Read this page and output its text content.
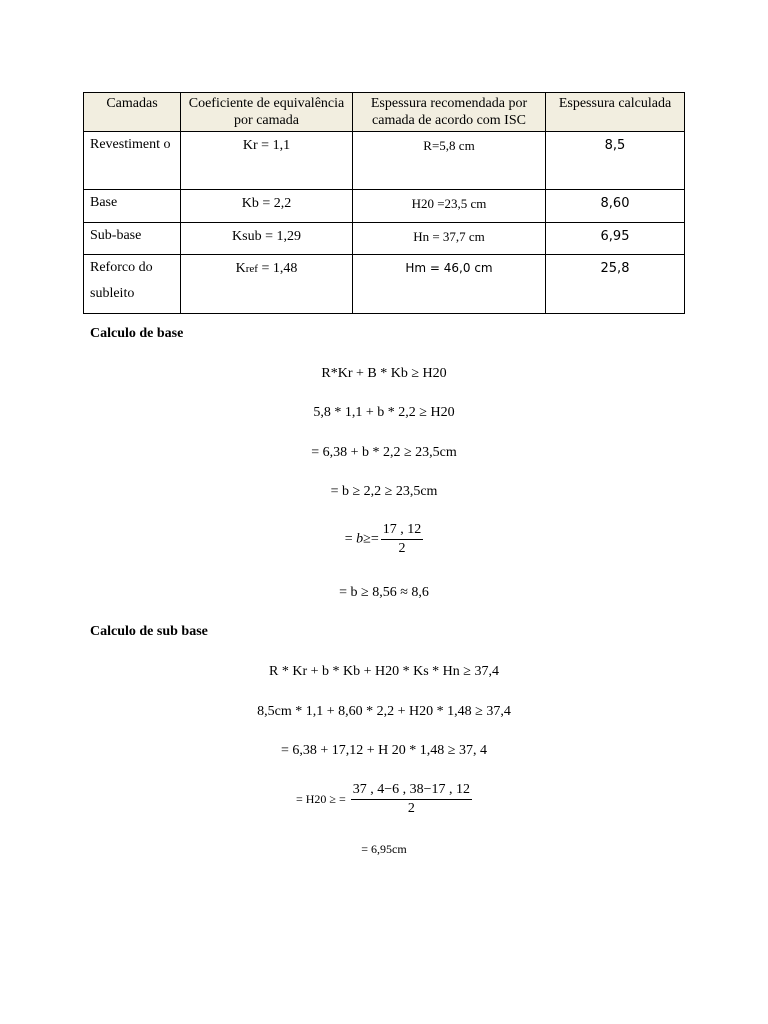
Camadas	Coeficiente de equivalência por camada	Espessura recomendada por camada de acordo com ISC	Espessura calculada
Revestiment o	Kr = 1,1	R=5,8 cm	8,5
Base	Kb = 2,2	H20 =23,5 cm	8,60
Sub-base	Ksub = 1,29	Hn = 37,7 cm	6,95
Reforco do subleito	Kref = 1,48	Hm = 46,0 cm	25,8
Calculo de base
R*Kr + B * Kb ≥ H20
5,8 * 1,1 + b * 2,2 ≥ H20
= 6,38 + b * 2,2 ≥ 23,5cm
= b ≥ 2,2 ≥ 23,5cm
= $b\ge= \frac{17 , 12}{2}$
= b ≥ 8,56 ≈ 8,6
Calculo de sub base
R * Kr + b * Kb + H20 * Ks * Hn ≥ 37,4
8,5cm * 1,1 + 8,60 * 2,2 + H20 * 1,48 ≥ 37,4
= 6,38 + 17,12 + H 20 * 1,48 ≥ 37, 4
= H20 ≥ = $\frac{37 , 4-6 , 38-17 , 12}{2}$
= 6,95cm
